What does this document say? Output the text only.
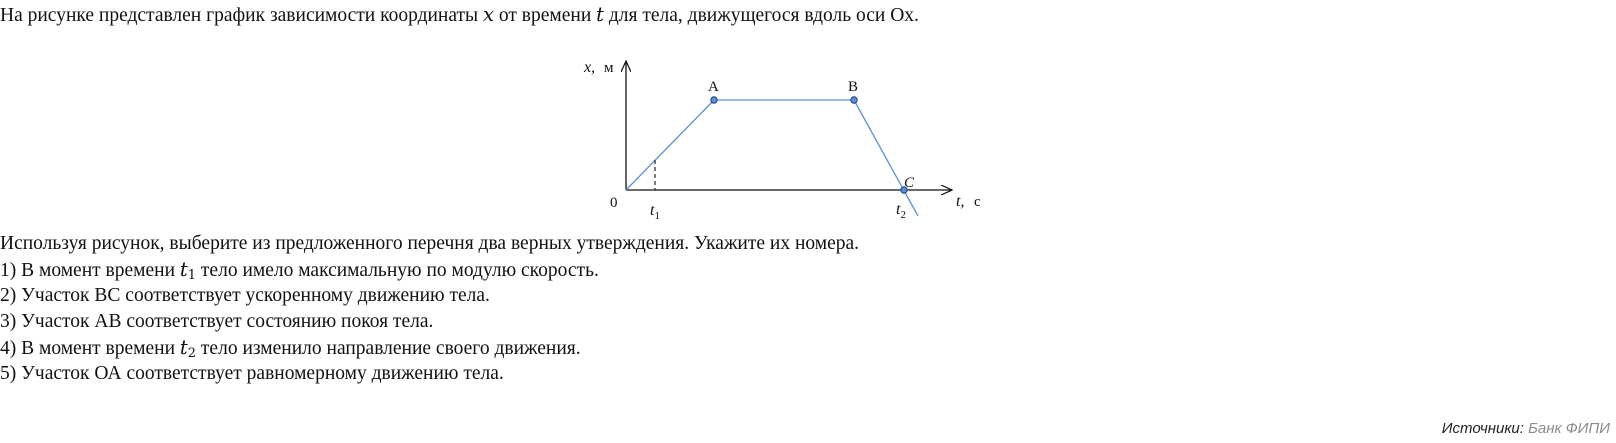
На рисунке представлен график зависимости координаты x от времени t для тела, движущегося вдоль оси Ох.
x, м
A	B
C
0 $t_1$	$t_2$
t, с
Используя рисунок, выберите из предложенного перечня два верных утверждения. Укажите их номера.
1) В момент времени $t_1$ тело имело максимальную по модулю скорость.
2) Участок ВС соответствует ускоренному движению тела.
3) Участок АВ соответствует состоянию покоя тела.
4) В момент времени $t_2$ тело изменило направление своего движения.
5) Участок ОА соответствует равномерному движению тела.
Источники: Банк ФИПИ
